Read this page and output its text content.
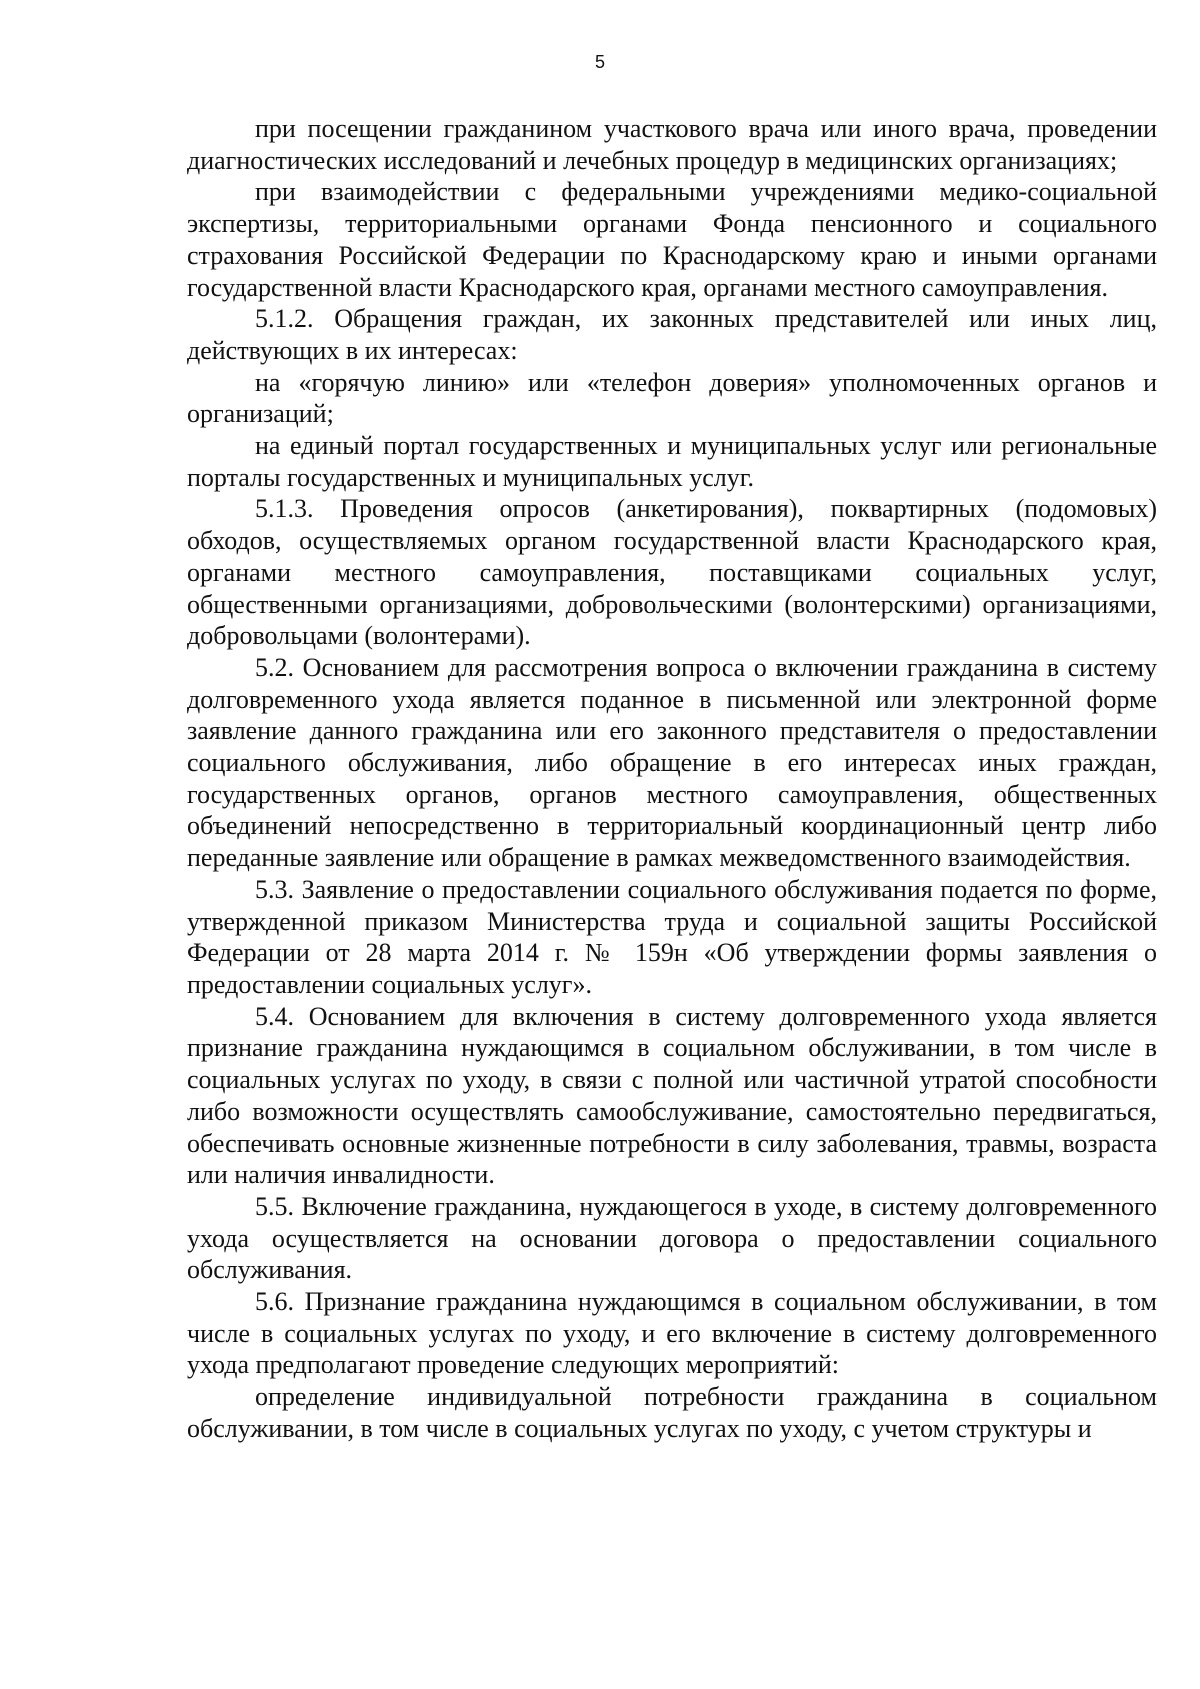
5

при посещении гражданином участкового врача или иного врача, проведении диагностических исследований и лечебных процедур в медицинских организациях;

при взаимодействии с федеральными учреждениями медико-социальной экспертизы, территориальными органами Фонда пенсионного и социального страхования Российской Федерации по Краснодарскому краю и иными органами государственной власти Краснодарского края, органами местного самоуправления.

5.1.2. Обращения граждан, их законных представителей или иных лиц, действующих в их интересах:

на «горячую линию» или «телефон доверия» уполномоченных органов и организаций;

на единый портал государственных и муниципальных услуг или региональные порталы государственных и муниципальных услуг.

5.1.3. Проведения опросов (анкетирования), поквартирных (подомовых) обходов, осуществляемых органом государственной власти Краснодарского края, органами местного самоуправления, поставщиками социальных услуг, общественными организациями, добровольческими (волонтерскими) организациями, добровольцами (волонтерами).

5.2. Основанием для рассмотрения вопроса о включении гражданина в систему долговременного ухода является поданное в письменной или электронной форме заявление данного гражданина или его законного представителя о предоставлении социального обслуживания, либо обращение в его интересах иных граждан, государственных органов, органов местного самоуправления, общественных объединений непосредственно в территориальный координационный центр либо переданные заявление или обращение в рамках межведомственного взаимодействия.

5.3. Заявление о предоставлении социального обслуживания подается по форме, утвержденной приказом Министерства труда и социальной защиты Российской Федерации от 28 марта 2014 г. № 159н «Об утверждении формы заявления о предоставлении социальных услуг».

5.4. Основанием для включения в систему долговременного ухода является признание гражданина нуждающимся в социальном обслуживании, в том числе в социальных услугах по уходу, в связи с полной или частичной утратой способности либо возможности осуществлять самообслуживание, самостоятельно передвигаться, обеспечивать основные жизненные потребности в силу заболевания, травмы, возраста или наличия инвалидности.

5.5. Включение гражданина, нуждающегося в уходе, в систему долговременного ухода осуществляется на основании договора о предоставлении социального обслуживания.

5.6. Признание гражданина нуждающимся в социальном обслуживании, в том числе в социальных услугах по уходу, и его включение в систему долговременного ухода предполагают проведение следующих мероприятий:

определение индивидуальной потребности гражданина в социальном обслуживании, в том числе в социальных услугах по уходу, с учетом структуры и
